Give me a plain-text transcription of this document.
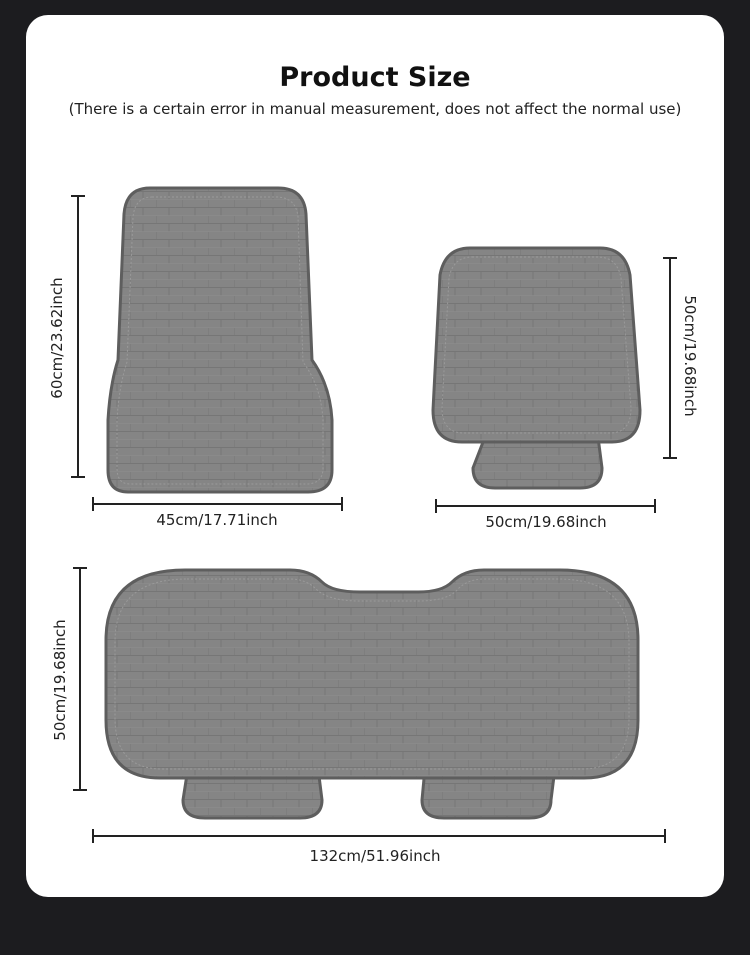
Product Size
(There is a certain error in manual measurement, does not affect the normal use)
60cm/23.62inch
45cm/17.71inch
50cm/19.68inch
50cm/19.68inch
50cm/19.68inch
132cm/51.96inch
